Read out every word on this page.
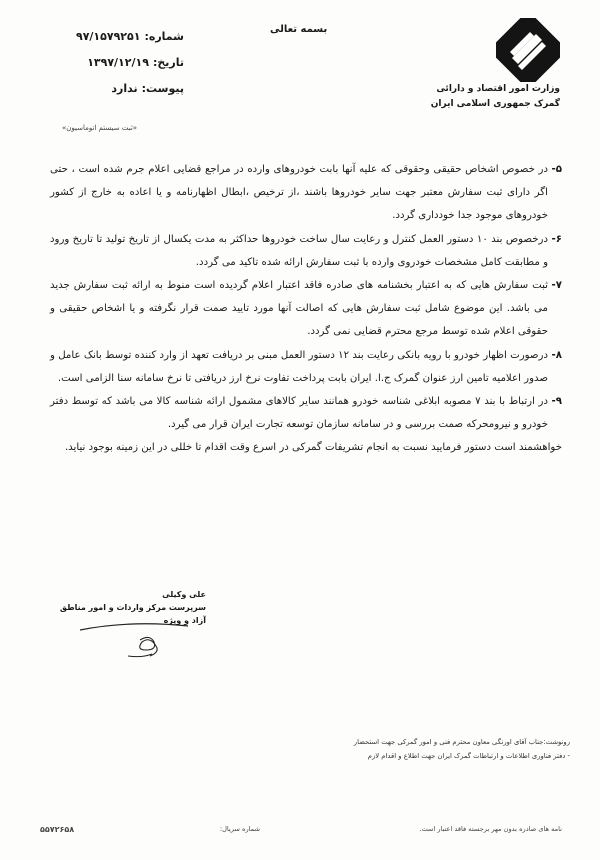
بسمه تعالی
وزارت امور اقتصاد و دارائی
گمرک جمهوری اسلامی ایران
شماره:
۹۷/۱۵۷۹۲۵۱
تاریخ:
۱۳۹۷/۱۲/۱۹
پیوست:
ندارد
«ثبت سیستم اتوماسیون»
۵-
در خصوص اشخاص حقیقی وحقوقی که علیه آنها بابت خودروهای وارده در مراجع قضایی اعلام جرم شده است ، حتی اگر دارای ثبت سفارش معتبر جهت سایر خودروها باشند ،از ترخیص ،ابطال اظهارنامه و یا اعاده به خارج از کشور خودروهای موجود جدا خودداری گردد.
۶-
درخصوص بند ۱۰ دستور العمل کنترل و رعایت سال ساخت خودروها حداکثر به مدت یکسال از تاریخ تولید تا تاریخ ورود و مطابقت کامل مشخصات خودروی وارده با ثبت سفارش ارائه شده تاکید می گردد.
۷-
ثبت سفارش هایی که به اعتبار بخشنامه های صادره فاقد اعتبار اعلام گردیده است منوط به ارائه ثبت سفارش جدید می باشد. این موضوع شامل ثبت سفارش هایی که اصالت آنها مورد تایید صمت قرار نگرفته و یا اشخاص حقیقی و حقوقی اعلام شده توسط مرجع محترم قضایی نمی گردد.
۸-
درصورت اظهار خودرو با رویه بانکی رعایت بند ۱۲ دستور العمل مبنی بر دریافت تعهد از وارد کننده توسط بانک عامل و صدور اعلامیه تامین ارز عنوان گمرک ج.ا. ایران بابت پرداخت تفاوت نرخ ارز دریافتی تا نرخ سامانه سنا الزامی است.
۹-
در ارتباط با بند ۷ مصوبه ابلاغی شناسه خودرو همانند سایر کالاهای مشمول ارائه شناسه کالا می باشد که توسط دفتر خودرو و نیرومحرکه صمت بررسی و در سامانه سازمان توسعه تجارت ایران قرار می گیرد.
خواهشمند است دستور فرمایید نسبت به انجام تشریفات گمرکی در اسرع وقت اقدام تا خللی در این زمینه بوجود نیاید.
علی وکیلی
سرپرست مرکز واردات و امور مناطق آزاد و ویژه
رونوشت:جناب آقای اورنگی معاون محترم فنی و امور گمرکی جهت استحضار
- دفتر فناوری اطلاعات و ارتباطات گمرک ایران جهت اطلاع و اقدام لازم
نامه های صادره بدون مهر برجسته فاقد اعتبار است.
شماره سریال:
۵۵۷۲۶۵۸
